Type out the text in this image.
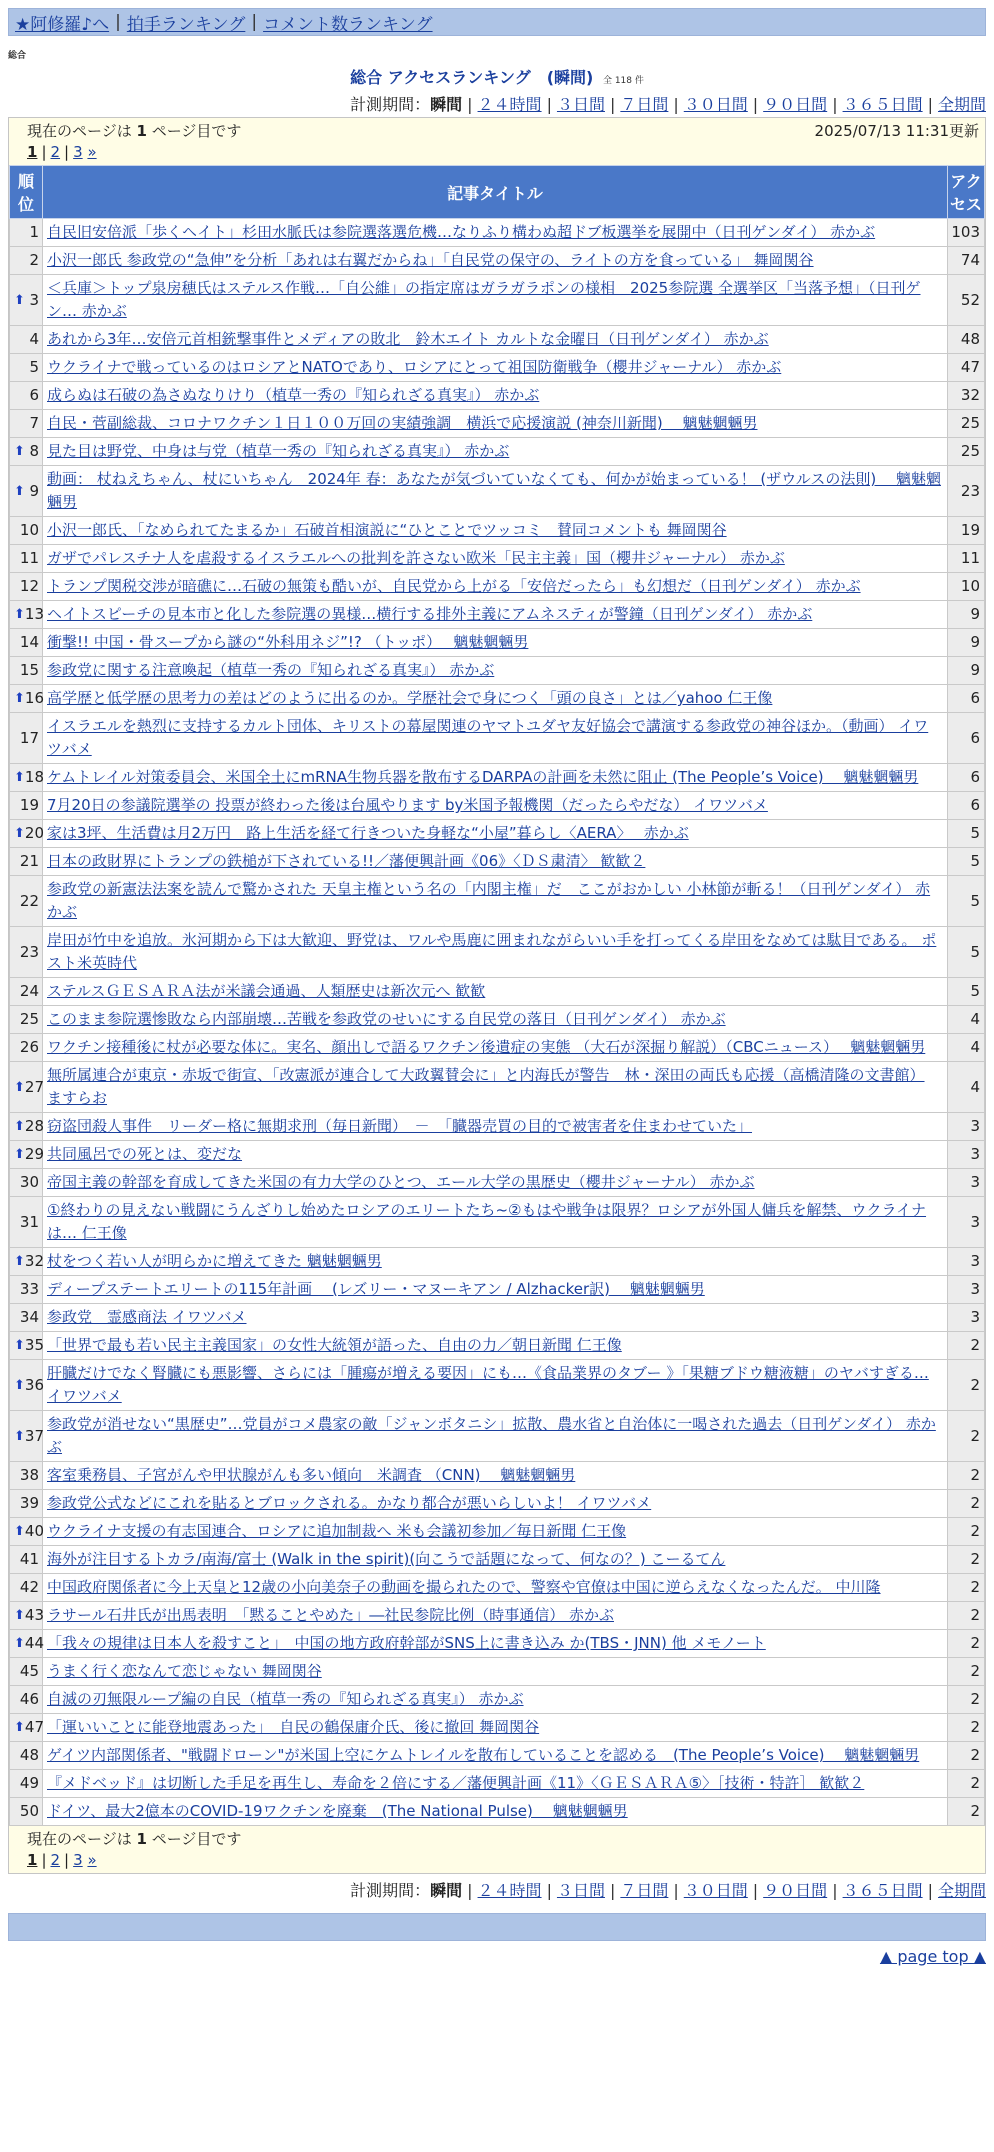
★阿修羅♪へ | 拍手ランキング | コメント数ランキング
総合
総合 アクセスランキング　(瞬間) 全 118 件
計測期間：瞬間 | ２４時間 | ３日間 | ７日間 | ３０日間 | ９０日間 | ３６５日間 | 全期間
現在のページは 1 ページ目です	2025/07/13 11:31更新
1 | 2 | 3 »
順位	記事タイトル	アクセス
1	自民旧安倍派「歩くヘイト」杉田水脈氏は参院選落選危機…なりふり構わぬ超ドブ板選挙を展開中（日刊ゲンダイ） 赤かぶ	103
2	小沢一郎氏 参政党の“急伸”を分析「あれは右翼だからね」「自民党の保守の、ライトの方を食っている」 舞岡関谷	74

⬆ 3	＜兵庫＞トップ泉房穂氏はステルス作戦…「自公維」の指定席はガラガラポンの様相　2025参院選 全選挙区「当落予想」（日刊ゲン… 赤かぶ	52
4	あれから3年…安倍元首相銃撃事件とメディアの敗北　鈴木エイト カルトな金曜日（日刊ゲンダイ） 赤かぶ	48
5	ウクライナで戦っているのはロシアとNATOであり、ロシアにとって祖国防衛戦争（櫻井ジャーナル） 赤かぶ	47
6	成らぬは石破の為さぬなりけり（植草一秀の『知られざる真実』） 赤かぶ	32
7	自民・菅副総裁、コロナワクチン１日１００万回の実績強調　横浜で応援演説 (神奈川新聞)　 魑魅魍魎男	25

⬆ 8	見た目は野党、中身は与党（植草一秀の『知られざる真実』） 赤かぶ	25

⬆ 9	動画： 杖ねえちゃん、杖にいちゃん　2024年 春：あなたが気づいていなくても、何かが始まっている！ (ザウルスの法則)　 魑魅魍魎男	23
10	小沢一郎氏、「なめられてたまるか」石破首相演説に“ひとことでツッコミ　賛同コメントも 舞岡関谷	19
11	ガザでパレスチナ人を虐殺するイスラエルへの批判を許さない欧米「民主主義」国（櫻井ジャーナル） 赤かぶ	11
12	トランプ関税交渉が暗礁に…石破の無策も酷いが、自民党から上がる「安倍だったら」も幻想だ（日刊ゲンダイ） 赤かぶ	10

⬆ 13	ヘイトスピーチの見本市と化した参院選の異様…横行する排外主義にアムネスティが警鐘（日刊ゲンダイ） 赤かぶ	9
14	衝撃!! 中国・骨スープから謎の“外科用ネジ”!? （トッポ）　 魑魅魍魎男	9
15	参政党に関する注意喚起（植草一秀の『知られざる真実』） 赤かぶ	9

⬆ 16	高学歴と低学歴の思考力の差はどのように出るのか。学歴社会で身につく「頭の良さ」とは／yahoo 仁王像	6
17	イスラエルを熱烈に支持するカルト団体、キリストの幕屋関連のヤマトユダヤ友好協会で講演する参政党の神谷ほか。（動画） イワツバメ	6

⬆ 18	ケムトレイル対策委員会、米国全土にmRNA生物兵器を散布するDARPAの計画を未然に阻止 (The People’s Voice)　 魑魅魍魎男	6
19	7月20日の参議院選挙の 投票が終わった後は台風やります by米国予報機関（だったらやだな） イワツバメ	6

⬆ 20	家は3坪、生活費は月2万円　路上生活を経て行きついた身軽な“小屋”暮らし〈AERA〉　 赤かぶ	5
21	日本の政財界にトランプの鉄槌が下されている!!／藩便興計画《06》〈ＤＳ粛清〉 歓歓２	5
22	参政党の新憲法法案を読んで驚かされた 天皇主権という名の「内閣主権」だ　ここがおかしい 小林節が斬る！（日刊ゲンダイ） 赤かぶ	5
23	岸田が竹中を追放。氷河期から下は大歓迎、野党は、ワルや馬鹿に囲まれながらいい手を打ってくる岸田をなめては駄目である。 ポスト米英時代	5
24	ステルスＧＥＳＡＲＡ法が米議会通過、人類歴史は新次元へ 歓歓	5
25	このまま参院選惨敗なら内部崩壊…苦戦を参政党のせいにする自民党の落日（日刊ゲンダイ） 赤かぶ	4
26	ワクチン接種後に杖が必要な体に。実名、顔出しで語るワクチン後遺症の実態 （大石が深掘り解説）（CBCニュース）　 魑魅魍魎男	4

⬆ 27	無所属連合が東京・赤坂で街宣、「改憲派が連合して大政翼賛会に」と内海氏が警告　林・深田の両氏も応援（高橋清隆の文書館） ますらお	4

⬆ 28	窃盗団殺人事件　リーダー格に無期求刑（毎日新聞）　－　「臓器売買の目的で被害者を住まわせていた」	3

⬆ 29	共同風呂での死とは、変だな	3
30	帝国主義の幹部を育成してきた米国の有力大学のひとつ、エール大学の黒歴史（櫻井ジャーナル） 赤かぶ	3
31	①終わりの見えない戦闘にうんざりし始めたロシアのエリートたち~②もはや戦争は限界？ロシアが外国人傭兵を解禁、ウクライナは… 仁王像	3

⬆ 32	杖をつく若い人が明らかに増えてきた 魑魅魍魎男	3
33	ディープステートエリートの115年計画　 (レズリー・マヌーキアン / Alzhacker訳)　 魑魅魍魎男	3
34	参政党　霊感商法 イワツバメ	3

⬆ 35	「世界で最も若い民主主義国家」の女性大統領が語った、自由の力／朝日新聞 仁王像	2

⬆ 36	肝臓だけでなく腎臓にも悪影響、さらには「腫瘍が増える要因」にも…《食品業界のタブー 》「果糖ブドウ糖液糖」のヤバすぎる… イワツバメ	2

⬆ 37	参政党が消せない“黒歴史”…党員がコメ農家の敵「ジャンボタニシ」拡散、農水省と自治体に一喝された過去（日刊ゲンダイ） 赤かぶ	2
38	客室乗務員、子宮がんや甲状腺がんも多い傾向　米調査 （CNN)　 魑魅魍魎男	2
39	参政党公式などにこれを貼るとブロックされる。かなり都合が悪いらしいよ！ イワツバメ	2

⬆ 40	ウクライナ支援の有志国連合、ロシアに追加制裁へ 米も会議初参加／毎日新聞 仁王像	2
41	海外が注目するトカラ/南海/富士 (Walk in the spirit)(向こうで話題になって、何なの？) こーるてん	2
42	中国政府関係者に今上天皇と12歳の小向美奈子の動画を撮られたので、警察や官僚は中国に逆らえなくなったんだ。 中川隆	2

⬆ 43	ラサール石井氏が出馬表明　「黙ることやめた」―社民参院比例（時事通信） 赤かぶ	2

⬆ 44	「我々の規律は日本人を殺すこと」　中国の地方政府幹部がSNS上に書き込み か(TBS・JNN) 他 メモノート	2
45	うまく行く恋なんて恋じゃない 舞岡関谷	2
46	自滅の刃無限ループ編の自民（植草一秀の『知られざる真実』） 赤かぶ	2

⬆ 47	「運いいことに能登地震あった」　自民の鶴保庸介氏、後に撤回 舞岡関谷	2
48	ゲイツ内部関係者、"戦闘ドローン"が米国上空にケムトレイルを散布していることを認める　(The People’s Voice)　 魑魅魍魎男	2
49	『メドベッド』は切断した手足を再生し、寿命を２倍にする／藩便興計画《11》〈ＧＥＳＡＲＡ⑤〉［技術・特許］ 歓歓２	2
50	ドイツ、最大2億本のCOVID-19ワクチンを廃棄　(The National Pulse)　 魑魅魍魎男	2
現在のページは 1 ページ目です
1 | 2 | 3 »
計測期間：瞬間 | ２４時間 | ３日間 | ７日間 | ３０日間 | ９０日間 | ３６５日間 | 全期間
▲ page top ▲
